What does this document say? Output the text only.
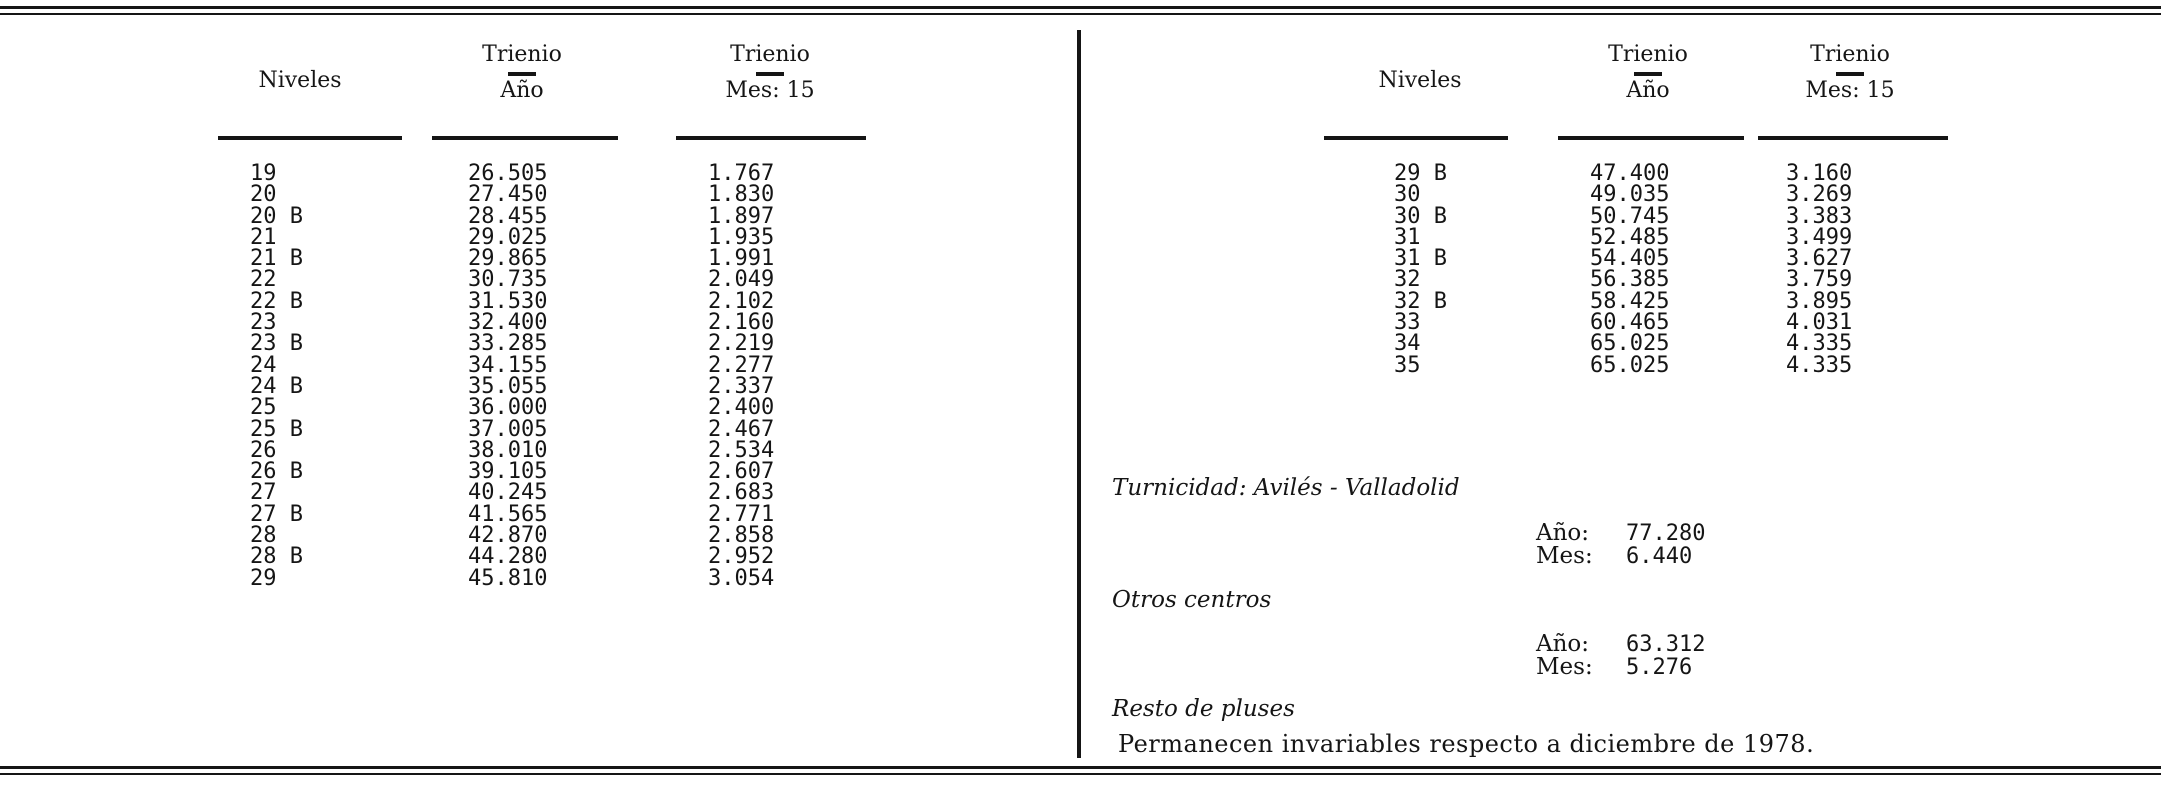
Niveles
Trienio
Año
Trienio
Mes: 15
19	26.505	1.767
20	27.450	1.830
20 B	28.455	1.897
21	29.025	1.935
21 B	29.865	1.991
22	30.735	2.049
22 B	31.530	2.102
23	32.400	2.160
23 B	33.285	2.219
24	34.155	2.277
24 B	35.055	2.337
25	36.000	2.400
25 B	37.005	2.467
26	38.010	2.534
26 B	39.105	2.607
27	40.245	2.683
27 B	41.565	2.771
28	42.870	2.858
28 B	44.280	2.952
29	45.810	3.054
Niveles
Trienio
Año
Trienio
Mes: 15
29 B	47.400	3.160
30	49.035	3.269
30 B	50.745	3.383
31	52.485	3.499
31 B	54.405	3.627
32	56.385	3.759
32 B	58.425	3.895
33	60.465	4.031
34	65.025	4.335
35	65.025	4.335
Turnicidad: Avilés - Valladolid
Año: 77.280
Mes: 6.440
Otros centros
Año: 63.312
Mes: 5.276
Resto de pluses
Permanecen invariables respecto a diciembre de 1978.
